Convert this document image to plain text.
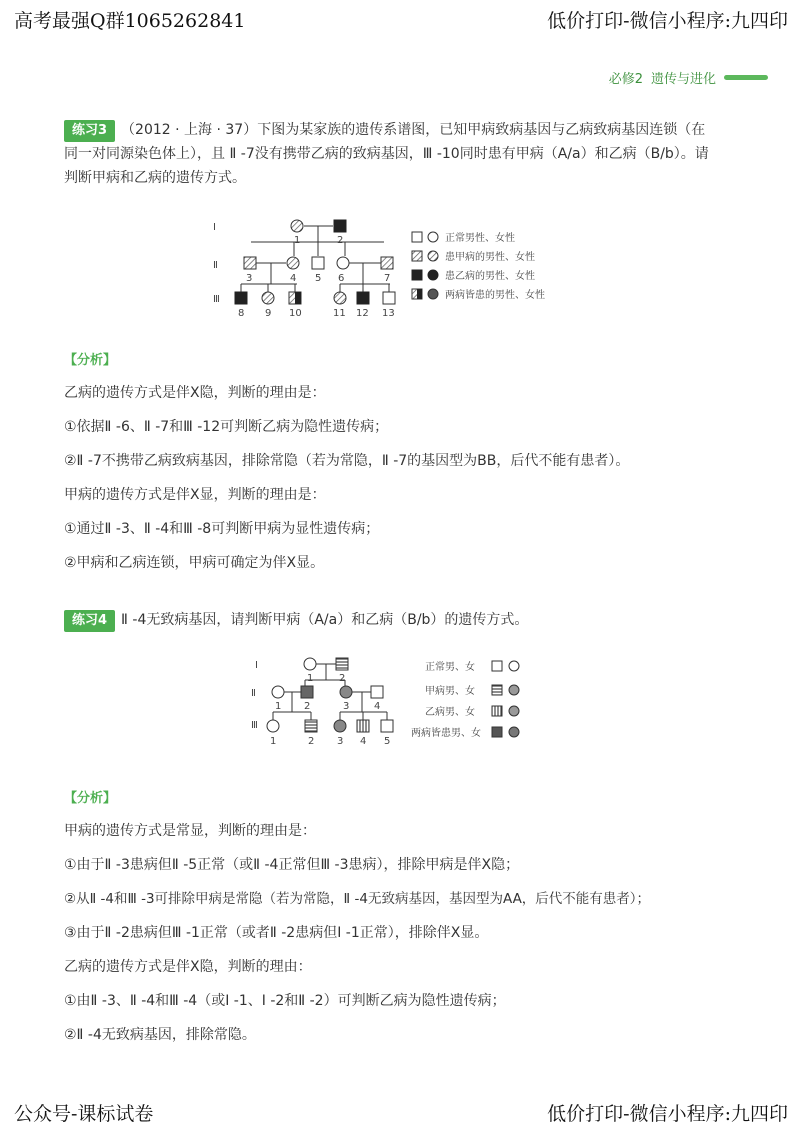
高考最强Q群1065262841	低价打印-微信小程序:九四印
公众号-课标试卷	低价打印-微信小程序:九四印
必修2 遗传与进化

练习3 （2012 · 上海 · 37）下图为某家族的遗传系谱图，已知甲病致病基因与乙病致病基因连锁（在
同一对同源染色体上），且 Ⅱ -7没有携带乙病的致病基因，Ⅲ -10同时患有甲病（A/a）和乙病（B/b）。请
判断甲病和乙病的遗传方式。

Ⅰ
Ⅱ
Ⅲ
1	2
3	4 5 6	7
8 9 10	11 12 13
正常男性、女性
患甲病的男性、女性
患乙病的男性、女性
两病皆患的男性、女性

【分析】

乙病的遗传方式是伴X隐，判断的理由是：

①依据Ⅱ -6、Ⅱ -7和Ⅲ -12可判断乙病为隐性遗传病；

②Ⅱ -7不携带乙病致病基因，排除常隐（若为常隐，Ⅱ -7的基因型为BB，后代不能有患者）。

甲病的遗传方式是伴X显，判断的理由是：

①通过Ⅱ -3、Ⅱ -4和Ⅲ -8可判断甲病为显性遗传病；

②甲病和乙病连锁，甲病可确定为伴X显。

练习4 Ⅱ -4无致病基因，请判断甲病（A/a）和乙病（B/b）的遗传方式。

Ⅰ
Ⅱ
Ⅲ
1	2
1 2	3 4
1	2 3 4 5
正常男、女
甲病男、女
乙病男、女
两病皆患男、女

【分析】

甲病的遗传方式是常显，判断的理由是：

①由于Ⅱ -3患病但Ⅱ -5正常（或Ⅱ -4正常但Ⅲ -3患病），排除甲病是伴X隐；

②从Ⅱ -4和Ⅲ -3可排除甲病是常隐（若为常隐，Ⅱ -4无致病基因，基因型为AA，后代不能有患者）；

③由于Ⅱ -2患病但Ⅲ -1正常（或者Ⅱ -2患病但Ⅰ -1正常），排除伴X显。

乙病的遗传方式是伴X隐，判断的理由：

①由Ⅱ -3、Ⅱ -4和Ⅲ -4（或Ⅰ -1、Ⅰ -2和Ⅱ -2）可判断乙病为隐性遗传病；

②Ⅱ -4无致病基因，排除常隐。
